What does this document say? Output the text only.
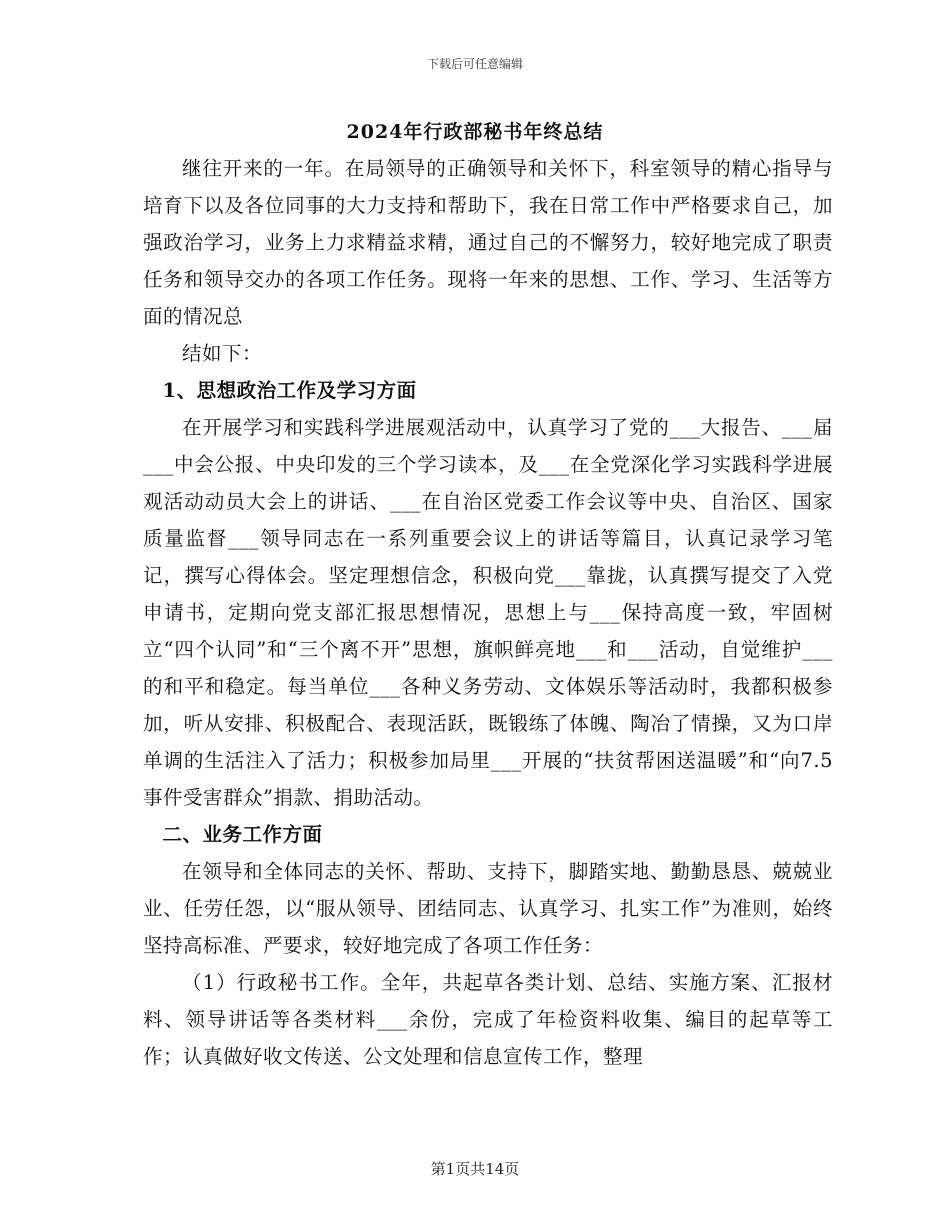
下载后可任意编辑
2024年行政部秘书年终总结

继往开来的一年。在局领导的正确领导和关怀下，科室领导的精心指导与培育下以及各位同事的大力支持和帮助下，我在日常工作中严格要求自己，加强政治学习，业务上力求精益求精，通过自己的不懈努力，较好地完成了职责任务和领导交办的各项工作任务。现将一年来的思想、工作、学习、生活等方面的情况总

结如下：

1、思想政治工作及学习方面

在开展学习和实践科学进展观活动中，认真学习了党的___大报告、___届___中会公报、中央印发的三个学习读本，及___在全党深化学习实践科学进展观活动动员大会上的讲话、___在自治区党委工作会议等中央、自治区、国家质量监督___领导同志在一系列重要会议上的讲话等篇目，认真记录学习笔记，撰写心得体会。坚定理想信念，积极向党___靠拢，认真撰写提交了入党申请书，定期向党支部汇报思想情况，思想上与___保持高度一致，牢固树立“四个认同”和“三个离不开”思想，旗帜鲜亮地___和___活动，自觉维护___的和平和稳定。每当单位___各种义务劳动、文体娱乐等活动时，我都积极参加，听从安排、积极配合、表现活跃，既锻练了体魄、陶冶了情操，又为口岸单调的生活注入了活力；积极参加局里___开展的“扶贫帮困送温暖”和“向7.5事件受害群众”捐款、捐助活动。

二、业务工作方面

在领导和全体同志的关怀、帮助、支持下，脚踏实地、勤勤恳恳、兢兢业业、任劳任怨，以“服从领导、团结同志、认真学习、扎实工作”为准则，始终坚持高标准、严要求，较好地完成了各项工作任务：

（1）行政秘书工作。全年，共起草各类计划、总结、实施方案、汇报材料、领导讲话等各类材料___余份，完成了年检资料收集、编目的起草等工作；认真做好收文传送、公文处理和信息宣传工作，整理

第1页共14页
